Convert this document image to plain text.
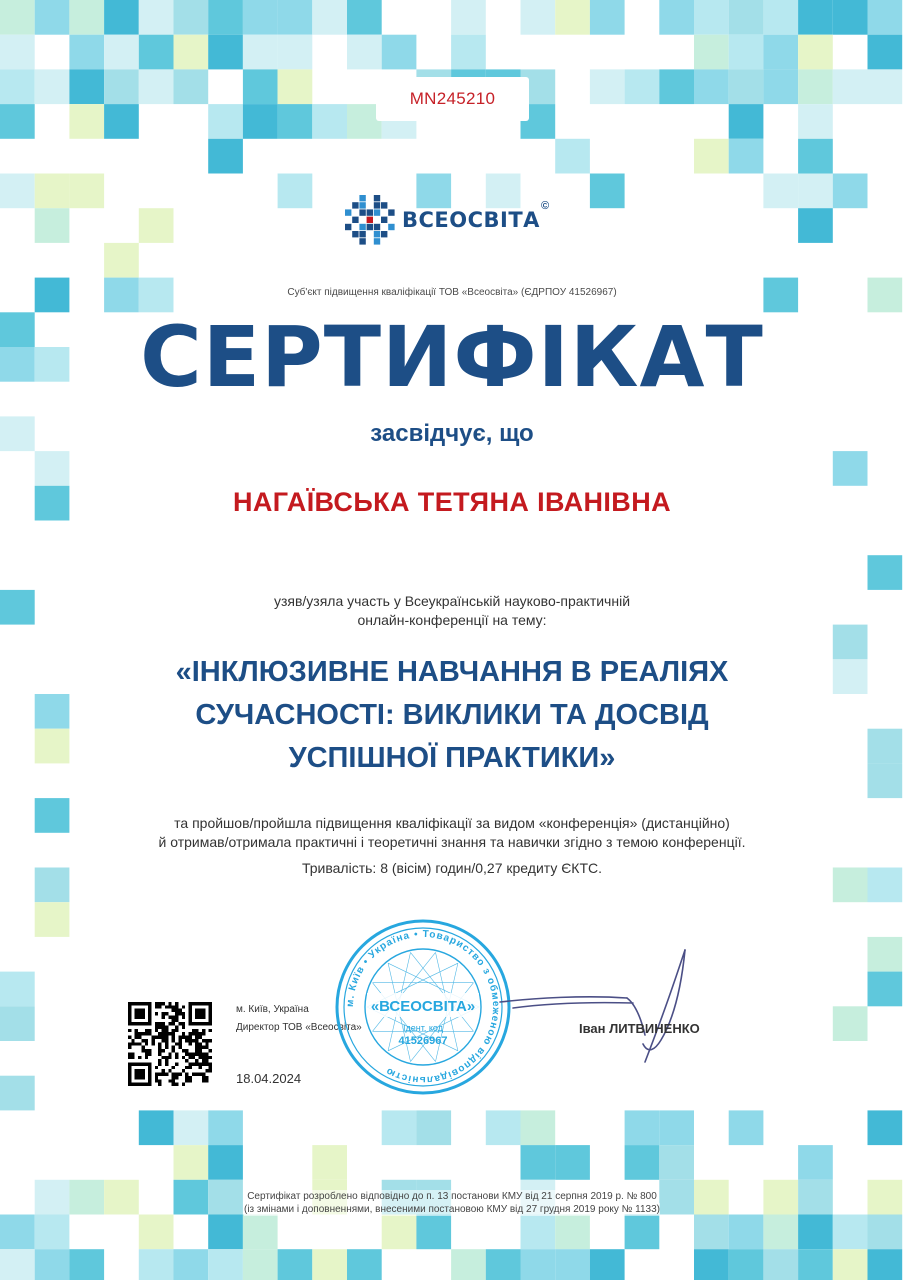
MN245210
ВСЕОСВІТА
©
Суб'єкт підвищення кваліфікації ТОВ «Всеосвіта» (ЄДРПОУ 41526967)
СЕРТИФІКАТ
засвідчує, що
НАГАЇВСЬКА ТЕТЯНА ІВАНІВНА
узяв/узяла участь у Всеукраїнській науково-практичній
онлайн-конференції на тему:
«ІНКЛЮЗИВНЕ НАВЧАННЯ В РЕАЛІЯХ
СУЧАСНОСТІ: ВИКЛИКИ ТА ДОСВІД
УСПІШНОЇ ПРАКТИКИ»
та пройшов/пройшла підвищення кваліфікації за видом «конференція» (дистанційно)
й отримав/отримала практичні і теоретичні знання та навички згідно з темою конференції.
Тривалість: 8 (вісім) годин/0,27 кредиту ЄКТС.
м. Київ, Україна
Директор ТОВ «Всеосвіта»
18.04.2024
м. Київ • Україна • Товариство з обмеженою відповідальністю
«ВСЕОСВІТА»
Ідент. код
41526967
Іван ЛИТВИНЕНКО
Сертифікат розроблено відповідно до п. 13 постанови КМУ від 21 серпня 2019 р. № 800
(із змінами і доповненнями, внесеними постановою КМУ від 27 грудня 2019 року № 1133)
